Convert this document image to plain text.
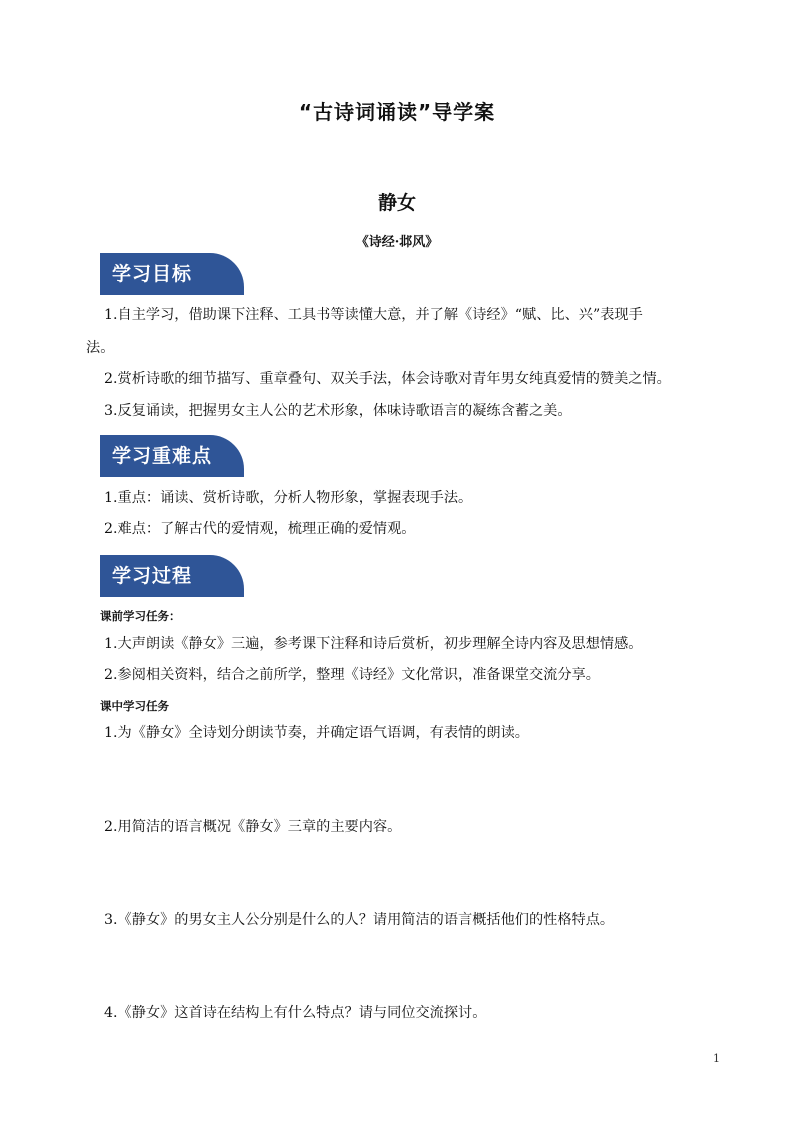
“古诗词诵读”导学案
静女
《诗经·邶风》
学习目标
1.自主学习，借助课下注释、工具书等读懂大意，并了解《诗经》“赋、比、兴”表现手
法。
2.赏析诗歌的细节描写、重章叠句、双关手法，体会诗歌对青年男女纯真爱情的赞美之情。
3.反复诵读，把握男女主人公的艺术形象，体味诗歌语言的凝练含蓄之美。
学习重难点
1.重点：诵读、赏析诗歌，分析人物形象，掌握表现手法。
2.难点：了解古代的爱情观，梳理正确的爱情观。
学习过程
课前学习任务：
1.大声朗读《静女》三遍，参考课下注释和诗后赏析，初步理解全诗内容及思想情感。
2.参阅相关资料，结合之前所学，整理《诗经》文化常识，准备课堂交流分享。
课中学习任务
1.为《静女》全诗划分朗读节奏，并确定语气语调，有表情的朗读。
2.用简洁的语言概况《静女》三章的主要内容。
3.《静女》的男女主人公分别是什么的人？请用简洁的语言概括他们的性格特点。
4.《静女》这首诗在结构上有什么特点？请与同位交流探讨。
1
